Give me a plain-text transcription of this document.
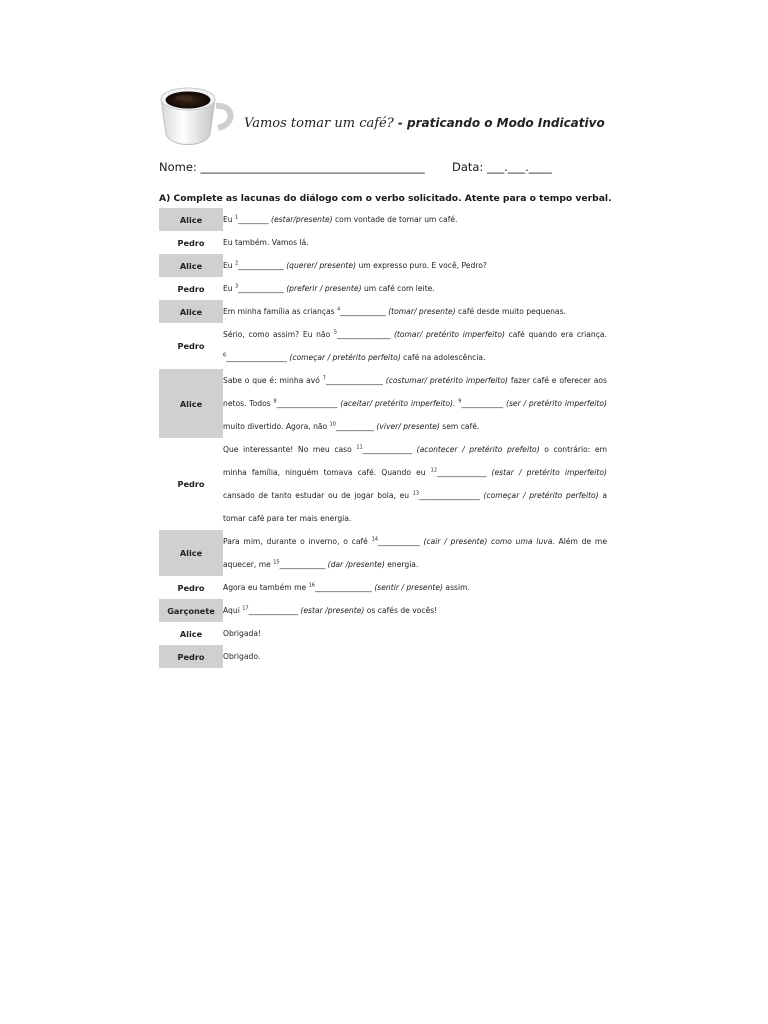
Vamos tomar um café? - praticando o Modo Indicativo
Nome: _______________________________________ Data: ___.___.____
A) Complete as lacunas do diálogo com o verbo solicitado. Atente para o tempo verbal.
Alice	Eu $^1$________ (estar/presente) com vontade de tomar um café.
Pedro	Eu também. Vamos lá.
Alice	Eu $^2$____________ (querer/ presente) um expresso puro. E você, Pedro?
Pedro	Eu $^3$____________ (preferir / presente) um café com leite.
Alice	Em minha família as crianças $^4$____________ (tomar/ presente) café desde muito pequenas.
Pedro	Sério, como assim? Eu não $^5$______________ (tomar/ pretérito imperfeito) café quando era criança. $^6$________________ (começar / pretérito perfeito) café na adolescência.
Alice	Sabe o que é: minha avó $^7$_______________ (costumar/ pretérito imperfeito) fazer café e oferecer aos netos. Todos $^8$________________ (aceitar/ pretérito imperfeito). $^9$___________ (ser / pretérito imperfeito) muito divertido. Agora, não $^{10}$__________ (viver/ presente) sem café.
Pedro	Que interessante! No meu caso $^{11}$_____________ (acontecer / pretérito prefeito) o contrário: em minha família, ninguém tomava café. Quando eu $^{12}$_____________ (estar / pretérito imperfeito) cansado de tanto estudar ou de jogar bola, eu $^{13}$________________ (começar / pretérito perfeito) a tomar café para ter mais energia.
Alice	Para mim, durante o inverno, o café $^{14}$___________ (cair / presente) como uma luva. Além de me aquecer, me $^{15}$____________ (dar /presente) energia.
Pedro	Agora eu também me $^{16}$_______________ (sentir / presente) assim.
Garçonete	Aqui $^{17}$_____________ (estar /presente) os cafés de vocês!
Alice	Obrigada!
Pedro	Obrigado.
